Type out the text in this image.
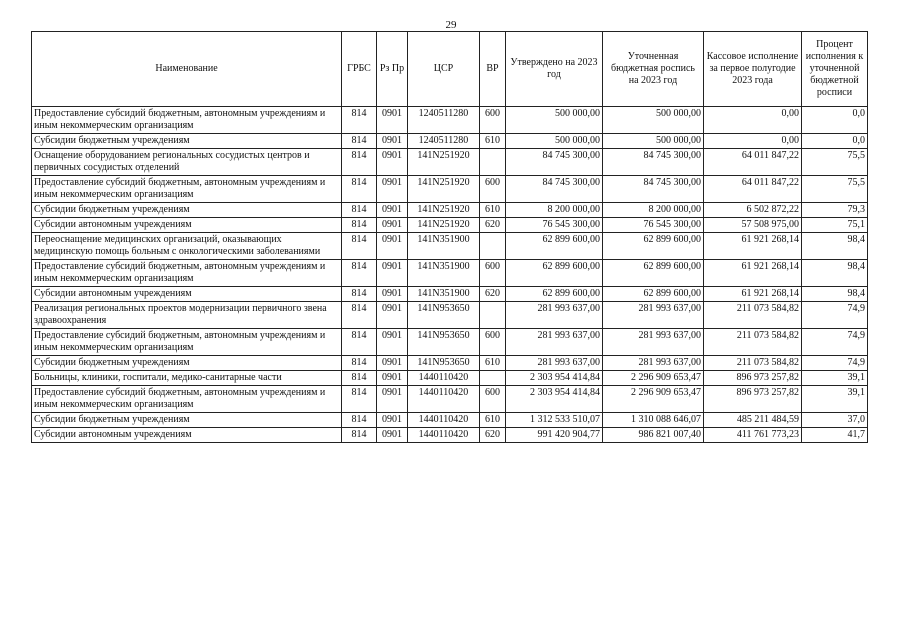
29
Наименование	ГРБС	Рз Пр	ЦСР	ВР	Утверждено на 2023 год	Уточненная бюджетная роспись на 2023 год	Кассовое исполнение за первое полугодие 2023 года	Процент исполнения к уточненной бюджетной росписи
Предоставление субсидий бюджетным, автономным учреждениям и иным некоммерческим организациям	814	0901	1240511280	600	500 000,00	500 000,00	0,00	0,0
Субсидии бюджетным учреждениям	814	0901	1240511280	610	500 000,00	500 000,00	0,00	0,0
Оснащение оборудованием региональных сосудистых центров и первичных сосудистых отделений	814	0901	141N251920		84 745 300,00	84 745 300,00	64 011 847,22	75,5
Предоставление субсидий бюджетным, автономным учреждениям и иным некоммерческим организациям	814	0901	141N251920	600	84 745 300,00	84 745 300,00	64 011 847,22	75,5
Субсидии бюджетным учреждениям	814	0901	141N251920	610	8 200 000,00	8 200 000,00	6 502 872,22	79,3
Субсидии автономным учреждениям	814	0901	141N251920	620	76 545 300,00	76 545 300,00	57 508 975,00	75,1
Переоснащение медицинских организаций, оказывающих медицинскую помощь больным с онкологическими заболеваниями	814	0901	141N351900		62 899 600,00	62 899 600,00	61 921 268,14	98,4
Предоставление субсидий бюджетным, автономным учреждениям и иным некоммерческим организациям	814	0901	141N351900	600	62 899 600,00	62 899 600,00	61 921 268,14	98,4
Субсидии автономным учреждениям	814	0901	141N351900	620	62 899 600,00	62 899 600,00	61 921 268,14	98,4
Реализация региональных проектов модернизации первичного звена здравоохранения	814	0901	141N953650		281 993 637,00	281 993 637,00	211 073 584,82	74,9
Предоставление субсидий бюджетным, автономным учреждениям и иным некоммерческим организациям	814	0901	141N953650	600	281 993 637,00	281 993 637,00	211 073 584,82	74,9
Субсидии бюджетным учреждениям	814	0901	141N953650	610	281 993 637,00	281 993 637,00	211 073 584,82	74,9
Больницы, клиники, госпитали, медико-санитарные части	814	0901	1440110420		2 303 954 414,84	2 296 909 653,47	896 973 257,82	39,1
Предоставление субсидий бюджетным, автономным учреждениям и иным некоммерческим организациям	814	0901	1440110420	600	2 303 954 414,84	2 296 909 653,47	896 973 257,82	39,1
Субсидии бюджетным учреждениям	814	0901	1440110420	610	1 312 533 510,07	1 310 088 646,07	485 211 484,59	37,0
Субсидии автономным учреждениям	814	0901	1440110420	620	991 420 904,77	986 821 007,40	411 761 773,23	41,7
